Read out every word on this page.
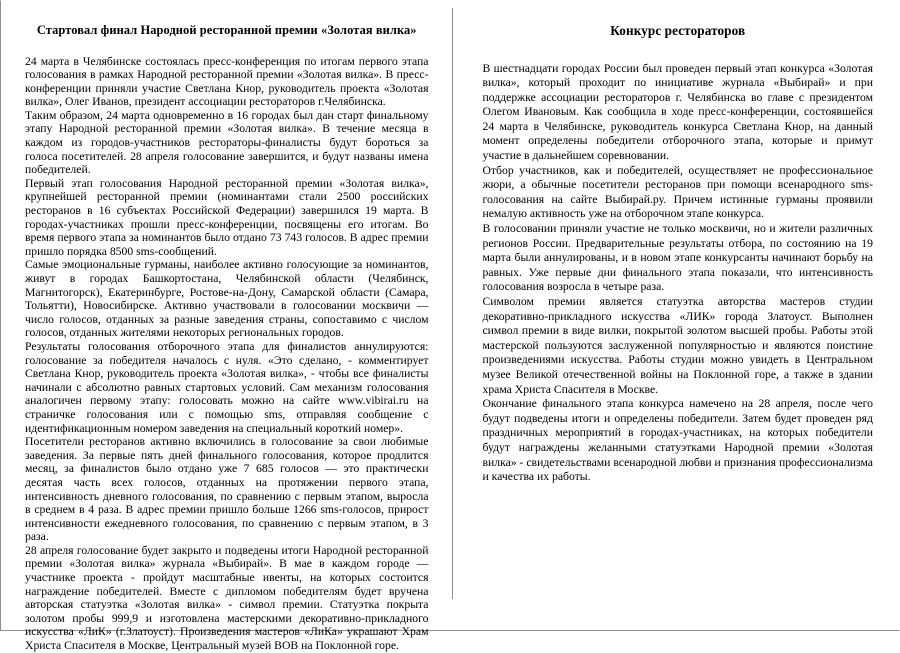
Стартовал финал Народной ресторанной премии «Золотая вилка»

24 марта в Челябинске состоялась пресс-конференция по итогам первого этапа голосования в рамках Народной ресторанной премии «Золотая вилка». В пресс-конференции приняли участие Светлана Кнор, руководитель проекта «Золотая вилка», Олег Иванов, президент ассоциации рестораторов г.Челябинска.

Таким образом, 24 марта одновременно в 16 городах был дан старт финальному этапу Народной ресторанной премии «Золотая вилка». В течение месяца в каждом из городов-участников рестораторы-финалисты будут бороться за голоса посетителей. 28 апреля голосование завершится, и будут названы имена победителей.

Первый этап голосования Народной ресторанной премии «Золотая вилка», крупнейшей ресторанной премии (номинантами стали 2500 российских ресторанов в 16 субъектах Российской Федерации) завершился 19 марта. В городах-участниках прошли пресс-конференции, посвящены его итогам. Во время первого этапа за номинантов было отдано 73 743 голосов. В адрес премии пришло порядка 8500 sms-сообщений.

Самые эмоциональные гурманы, наиболее активно голосующие за номинантов, живут в городах Башкортостана, Челябинской области (Челябинск, Магнитогорск), Екатеринбурге, Ростове-на-Дону, Самарской области (Самара, Тольятти), Новосибирске. Активно участвовали в голосовании москвичи — число голосов, отданных за разные заведения страны, сопоставимо с числом голосов, отданных жителями некоторых региональных городов.

Результаты голосования отборочного этапа для финалистов аннулируются: голосование за победителя началось с нуля. «Это сделано, - комментирует Светлана Кнор, руководитель проекта «Золотая вилка», - чтобы все финалисты начинали с абсолютно равных стартовых условий. Сам механизм голосования аналогичен первому этапу: голосовать можно на сайте www.vibirai.ru на страничке голосования или с помощью sms, отправляя сообщение с идентификационным номером заведения на специальный короткий номер».

Посетители ресторанов активно включились в голосование за свои любимые заведения. За первые пять дней финального голосования, которое продлится месяц, за финалистов было отдано уже 7 685 голосов — это практически десятая часть всех голосов, отданных на протяжении первого этапа, интенсивность дневного голосования, по сравнению с первым этапом, выросла в среднем в 4 раза. В адрес премии пришло больше 1266 sms-голосов, прирост интенсивности ежедневного голосования, по сравнению с первым этапом, в 3 раза.

28 апреля голосование будет закрыто и подведены итоги Народной ресторанной премии «Золотая вилка» журнала «Выбирай». В мае в каждом городе — участнике проекта - пройдут масштабные ивенты, на которых состоится награждение победителей. Вместе с дипломом победителям будет вручена авторская статуэтка «Золотая вилка» - символ премии. Статуэтка покрыта золотом пробы 999,9 и изготовлена мастерскими декоративно-прикладного искусства «ЛиК» (г.Златоуст). Произведения мастеров «ЛиКа» украшают Храм Христа Спасителя в Москве, Центральный музей ВОВ на Поклонной горе.

Конкурс рестораторов

В шестнадцати городах России был проведен первый этап конкурса «Золотая вилка», который проходит по инициативе журнала «Выбирай» и при поддержке ассоциации рестораторов г. Челябинска во главе с президентом Олегом Ивановым. Как сообщила в ходе пресс-конференции, состоявшейся 24 марта в Челябинске, руководитель конкурса Светлана Кнор, на данный момент определены победители отборочного этапа, которые и примут участие в дальнейшем соревновании.

Отбор участников, как и победителей, осуществляет не профессиональное жюри, а обычные посетители ресторанов при помощи всенародного sms-голосования на сайте Выбирай.ру. Причем истинные гурманы проявили немалую активность уже на отборочном этапе конкурса.

В голосовании приняли участие не только москвичи, но и жители различных регионов России. Предварительные результаты отбора, по состоянию на 19 марта были аннулированы, и в новом этапе конкурсанты начинают борьбу на равных. Уже первые дни финального этапа показали, что интенсивность голосования возросла в четыре раза.

Символом премии является статуэтка авторства мастеров студии декоративно-прикладного искусства «ЛИК» города Златоуст. Выполнен символ премии в виде вилки, покрытой золотом высшей пробы. Работы этой мастерской пользуются заслуженной популярностью и являются поистине произведениями искусства. Работы студии можно увидеть в Центральном музее Великой отечественной войны на Поклонной горе, а также в здании храма Христа Спасителя в Москве.

Окончание финального этапа конкурса намечено на 28 апреля, после чего будут подведены итоги и определены победители. Затем будет проведен ряд праздничных мероприятий в городах-участниках, на которых победители будут награждены желанными статуэтками Народной премии «Золотая вилка» - свидетельствами всенародной любви и признания профессионализма и качества их работы.
